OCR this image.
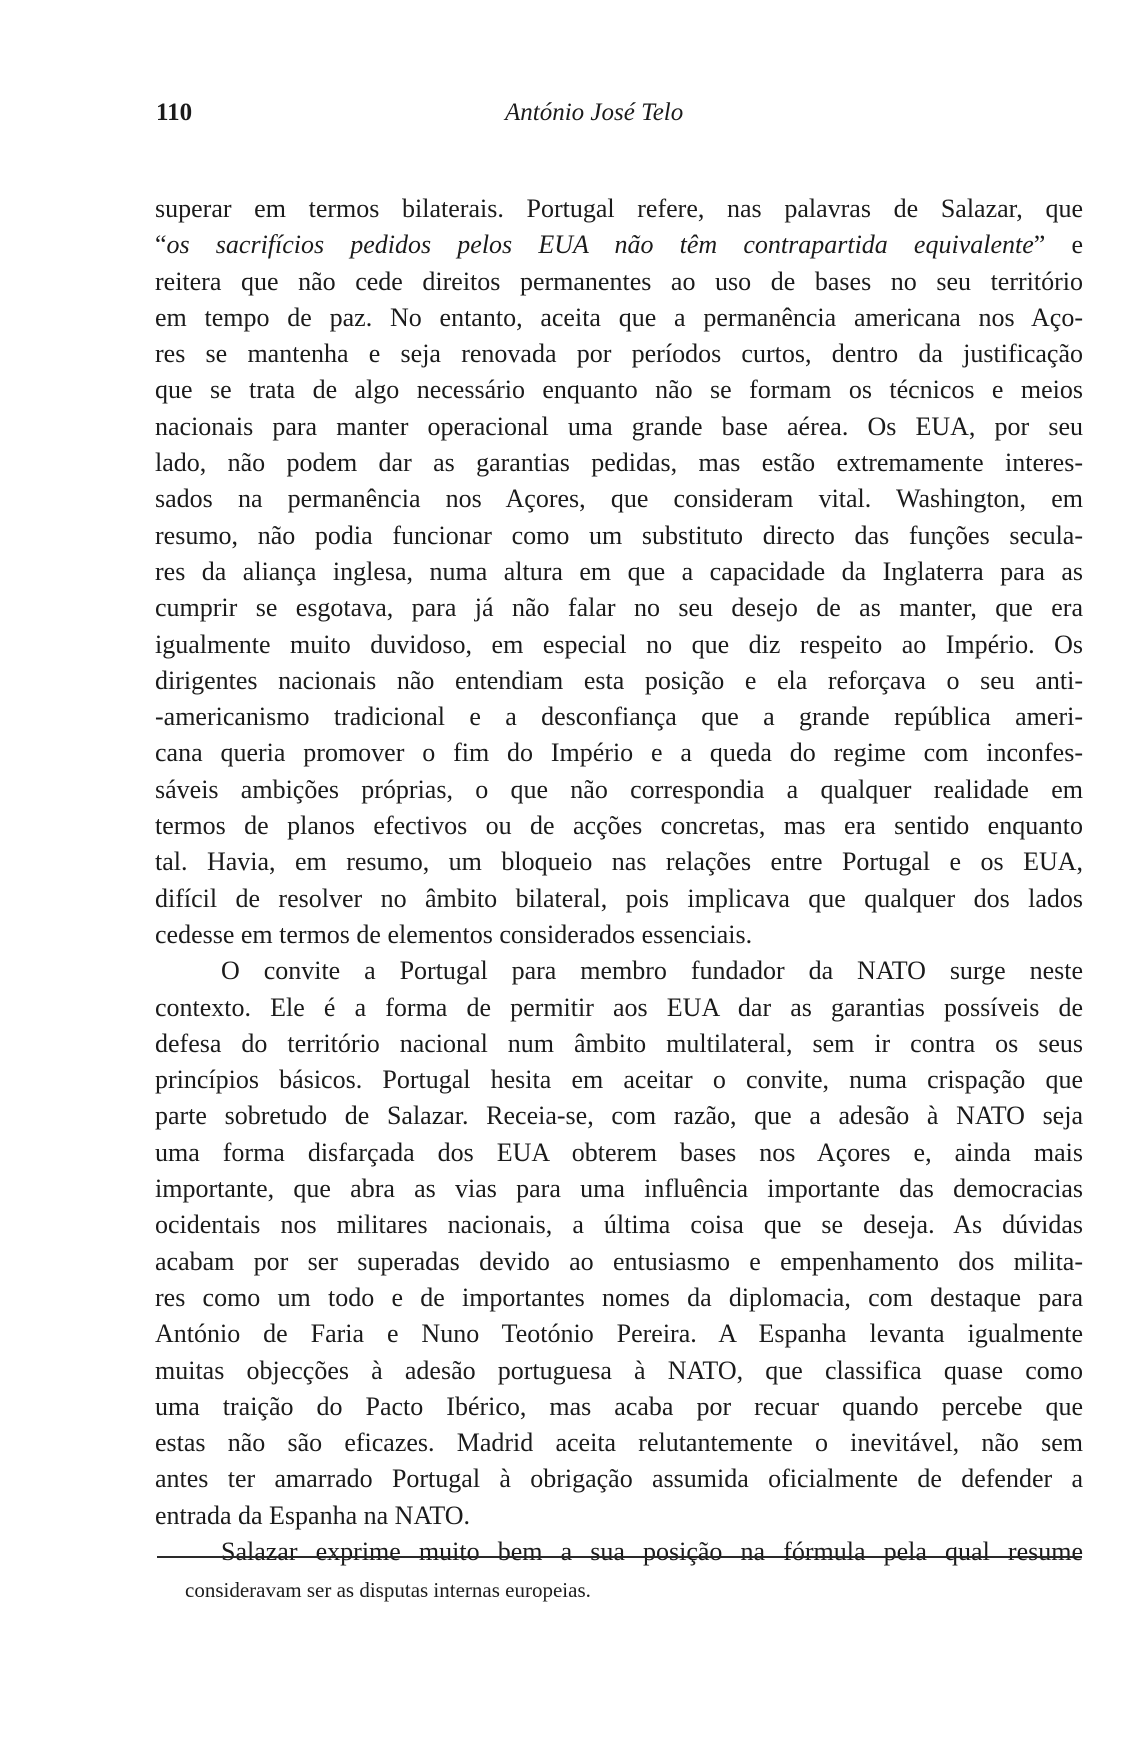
110	António José Telo
superar em termos bilaterais. Portugal refere, nas palavras de Salazar, que
“os sacrifícios pedidos pelos EUA não têm contrapartida equivalente” e
reitera que não cede direitos permanentes ao uso de bases no seu território
em tempo de paz. No entanto, aceita que a permanência americana nos Aço-
res se mantenha e seja renovada por períodos curtos, dentro da justificação
que se trata de algo necessário enquanto não se formam os técnicos e meios
nacionais para manter operacional uma grande base aérea. Os EUA, por seu
lado, não podem dar as garantias pedidas, mas estão extremamente interes-
sados na permanência nos Açores, que consideram vital. Washington, em
resumo, não podia funcionar como um substituto directo das funções secula-
res da aliança inglesa, numa altura em que a capacidade da Inglaterra para as
cumprir se esgotava, para já não falar no seu desejo de as manter, que era
igualmente muito duvidoso, em especial no que diz respeito ao Império. Os
dirigentes nacionais não entendiam esta posição e ela reforçava o seu anti-
-americanismo tradicional e a desconfiança que a grande república ameri-
cana queria promover o fim do Império e a queda do regime com inconfes-
sáveis ambições próprias, o que não correspondia a qualquer realidade em
termos de planos efectivos ou de acções concretas, mas era sentido enquanto
tal. Havia, em resumo, um bloqueio nas relações entre Portugal e os EUA,
difícil de resolver no âmbito bilateral, pois implicava que qualquer dos lados
cedesse em termos de elementos considerados essenciais.
O convite a Portugal para membro fundador da NATO surge neste
contexto. Ele é a forma de permitir aos EUA dar as garantias possíveis de
defesa do território nacional num âmbito multilateral, sem ir contra os seus
princípios básicos. Portugal hesita em aceitar o convite, numa crispação que
parte sobretudo de Salazar. Receia-se, com razão, que a adesão à NATO seja
uma forma disfarçada dos EUA obterem bases nos Açores e, ainda mais
importante, que abra as vias para uma influência importante das democracias
ocidentais nos militares nacionais, a última coisa que se deseja. As dúvidas
acabam por ser superadas devido ao entusiasmo e empenhamento dos milita-
res como um todo e de importantes nomes da diplomacia, com destaque para
António de Faria e Nuno Teotónio Pereira. A Espanha levanta igualmente
muitas objecções à adesão portuguesa à NATO, que classifica quase como
uma traição do Pacto Ibérico, mas acaba por recuar quando percebe que
estas não são eficazes. Madrid aceita relutantemente o inevitável, não sem
antes ter amarrado Portugal à obrigação assumida oficialmente de defender a
entrada da Espanha na NATO.
Salazar exprime muito bem a sua posição na fórmula pela qual resume
consideravam ser as disputas internas europeias.
